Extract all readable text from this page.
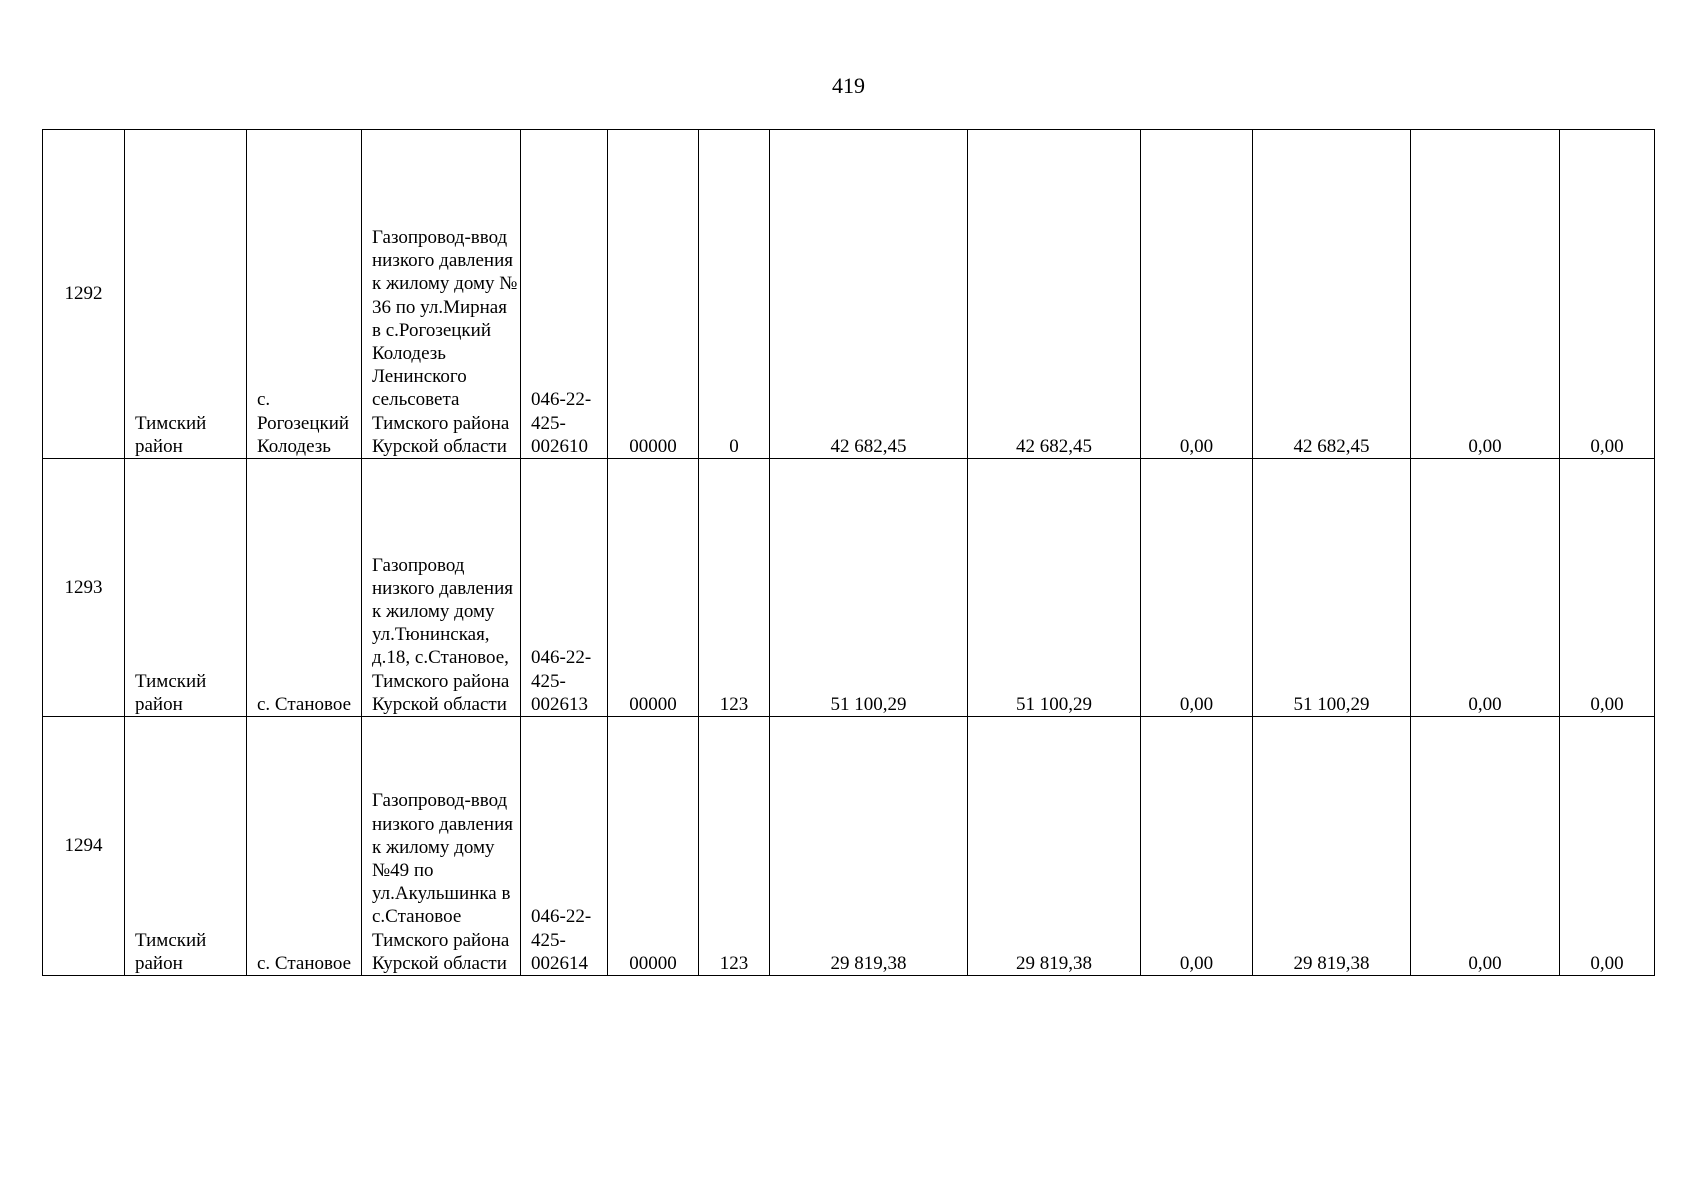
419
1292	Тимский район	с. Рогозецкий Колодезь	Газопровод-ввод низкого давления к жилому дому № 36 по ул.Мирная в с.Рогозецкий Колодезь Ленинского сельсовета Тимского района Курской области	046-22-425-002610	00000	0	42 682,45	42 682,45	0,00	42 682,45	0,00	0,00
1293	Тимский район	с. Становое	Газопровод низкого давления к жилому дому ул.Тюнинская, д.18, с.Становое, Тимского района Курской области	046-22-425-002613	00000	123	51 100,29	51 100,29	0,00	51 100,29	0,00	0,00
1294	Тимский район	с. Становое	Газопровод-ввод низкого давления к жилому дому №49 по ул.Акульшинка в с.Становое Тимского района Курской области	046-22-425-002614	00000	123	29 819,38	29 819,38	0,00	29 819,38	0,00	0,00
